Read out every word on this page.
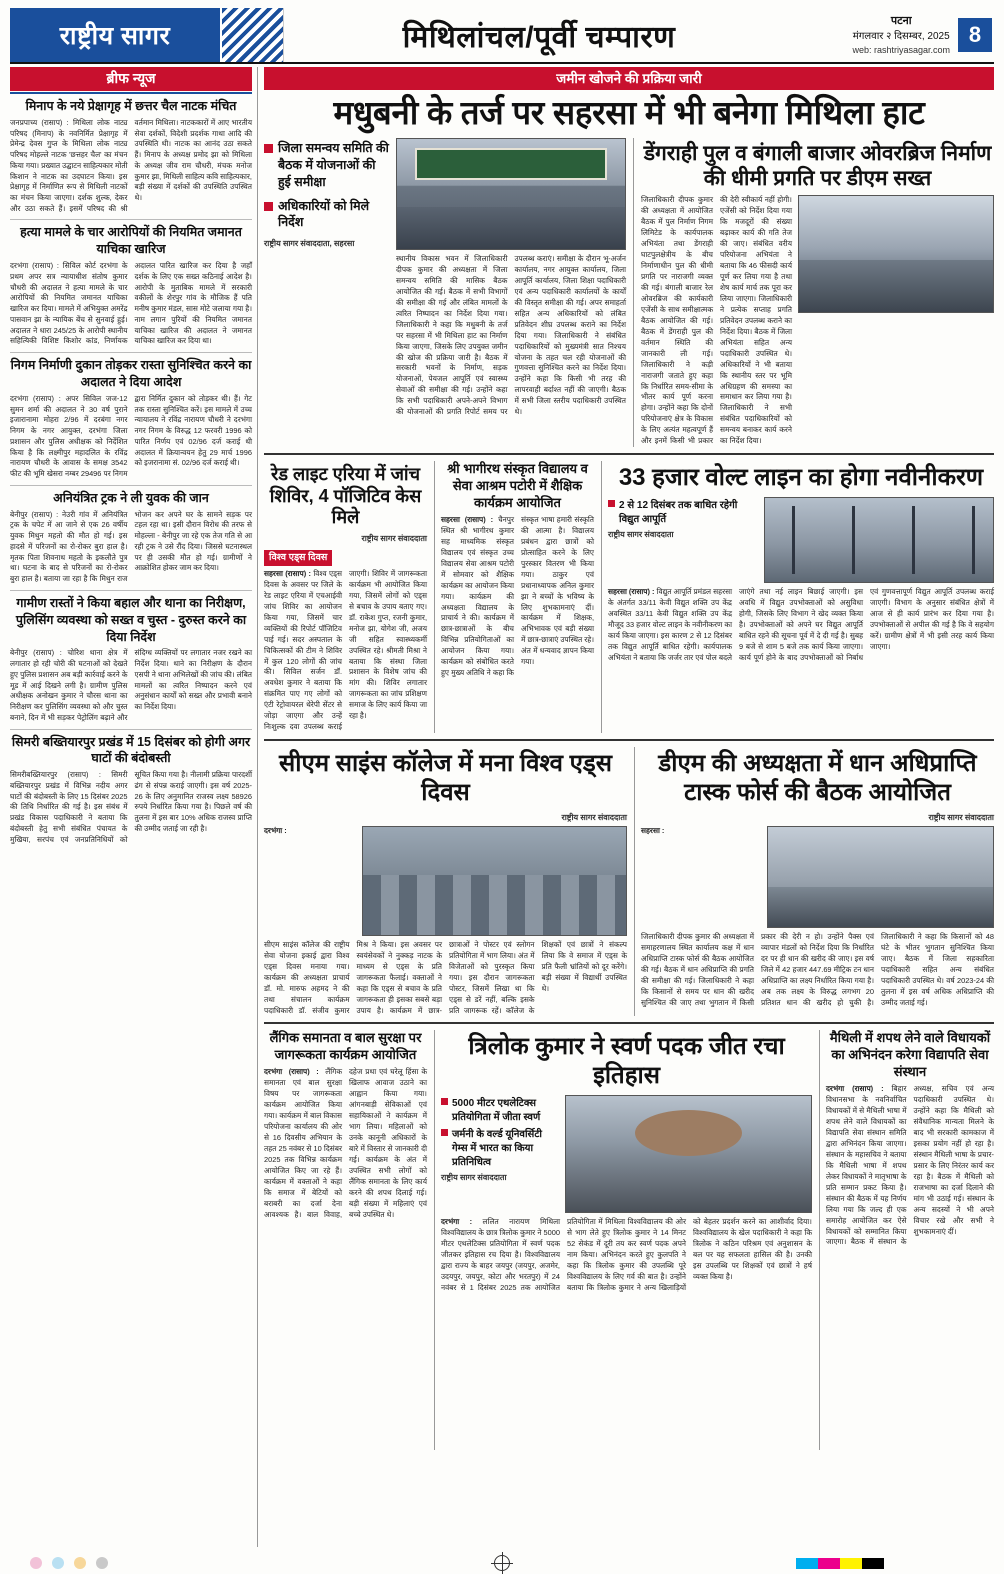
राष्ट्रीय सागर	मिथिलांचल/पूर्वी चम्पारण	पटना
मंगलवार २ दिसम्बर, 2025
web: rashtriyasagar.com
8
ब्रीफ न्यूज
मिनाप के नये प्रेक्षागृह में छत्तर चैल नाटक मंचित
जनप्रपाच्य (रासाप) : मिथिला लोक नाट्य परिषद (मिनाप) के नवनिर्मित प्रेक्षागृह में प्रेमेन्द्र देवस गुप्त के मिथिला लोक नाट्य परिषद मोहल्ले नाटक 'छत्तहर चैल' का मंचन किया गया। प्रख्यात उद्घाटन साहित्यकार मोती किशान ने नाटक का उदघाटन किया। इस प्रेक्षागृह में निर्माणित रूप से मिथिली नाटकों का मंचन किया जाएगा। दर्शक शुल्क, देकर और उठा सकते हैं। इसमें परिषद की श्री वर्तमान मिथिला। नाटककारों में आए भारतीय सेवा दर्शकों, विदेशी प्रदर्शक गाथा आदि की उपस्थिति थी। नाटक का आनंद उठा सकते हैं। मिनाप के अध्यक्ष प्रमोद झा को मिथिला के अध्यक्ष जीव राम चौधरी, मंचक मनोज कुमार झा, मिथिली साहित्य कवि साहित्यकार, बड़ी संख्या में दर्शकों की उपस्थिति उपस्थित थे।
हत्या मामले के चार आरोपियों की नियमित जमानत याचिका खारिज
दरभंगा (रासाप) : सिविल कोर्ट दरभंगा के प्रथम अपर सत्र न्यायाधीश संतोष कुमार चौधरी की अदालत ने हत्या मामले के चार आरोपियों की नियमित जमानत याचिका खारिज कर दिया। मामले में अभियुक्त अमरेंद्र पासवान झा के न्यायिक बेंच से सुनवाई हुई। अदालत ने धारा 245/25 के आरोपी स्थानीय सहित्यिकी विशिष्ट किशोर कांड, निर्णायक अदालत पारित खारिज कर दिया है जहाँ दर्शक के लिए एक सख्त कठिनाई आदेश है। आरोपी के मुताबिक मामले में सरकारी वकीलों के शेरपुर गांव के मौजिक हैं पति मनीष कुमार मंडल, सास मोटे जलाया गया है। नाम लगान पुरियों की नियमित जमानत याचिका खारिज की अदालत ने जमानत याचिका खारिज कर दिया था।
निगम निर्माणी दुकान तोड़कर रास्ता सुनिश्चित करने का अदालत ने दिया आदेश
दरभंगा (रासाप) : अपर सिविल जज-12 सुमन शर्मा की अदालत ने 30 वर्ष पुराने इजारानामा मोहरा 2/96 में दरबंगा नगर निगम के नगर आयुक्त, दरभंगा जिला प्रशासन और पुलिस अधीक्षक को निर्देशित किया है कि लक्ष्मीपुर महादलित के रविंद्र नारायण चौधरी के आवास के समक्ष 3542 फीट की भूमि खेसरा नम्बर 29496 पर निगम द्वारा निर्मित दुकान को तोड़कर थी। हैं। गेट तक रास्ता सुनिश्चित करें। इस मामले में उच्च न्यायालय ने रविंद्र नारायण चौधरी ने दरभंगा नगर निगम के विरुद्ध 12 फरवरी 1996 को पारित निर्णय एवं 02/96 दर्ज कराई थी अदालत में क्रियान्वयन हेतु 29 मार्च 1996 को इजरानामा सं. 02/96 दर्ज कराई थी।
अनियंत्रित ट्रक ने ली युवक की जान
बेनीपुर (रासाप) : नेउरी गांव में अनियंत्रित ट्रक के चपेट में आ जाने से एक 26 वर्षीय युवक मिथुन महतो की मौत हो गई। इस हादसे में परिजनों का रो-रोकर बुरा हाल है। मृतक पिता शिवनाथ महतो के इकलौते पुत्र था। घटना के बाद से परिजनों का रो-रोकर बुरा हाल है। बताया जा रहा है कि मिथुन राज भोजन कर अपने घर के सामने सड़क पर टहल रहा था। इसी दौरान विरोध की तरफ से मोहल्ला - बेनीपुर जा रहे एक तेज गति से आ रही ट्रक ने उसे रौंद दिया। जिससे घटनास्थल पर ही उसकी मौत हो गई। ग्रामीणों ने आक्रोशित होकर जाम कर दिया।
गामीण रास्तों ने किया बहाल और थाना का निरीक्षण, पुलिसिंग व्यवस्था को सख्त व चुस्त - दुरुस्त करने का दिया निर्देश
बेनीपुर (रासाप) : चोरिश थाना क्षेत्र में लगातार हो रही चोरी की घटनाओं को देखते हुए पुलिस प्रशासन अब बड़ी कार्रवाई करने के मूड में आई दिखने लगी है। ग्रामीण पुलिस अधीक्षक अनोखन कुमार ने चौरस थाना का निरीक्षण कर पुलिसिंग व्यवस्था को और चुस्त बनाने, दिन में भी सड़कर पेट्रोलिंग बढ़ाने और संदिग्ध व्यक्तियों पर लगातार नजर रखने का निर्देश दिया। थाने का निरीक्षण के दौरान एसपी ने थाना अभिलेखों की जांच की। लंबित मामलों का त्वरित निष्पादन करने एवं अनुसंधान कार्यों को सख्त और प्रभावी बनाने का निर्देश दिया।
सिमरी बख्तियारपुर प्रखंड में 15 दिसंबर को होगी अगर घाटों की बंदोबस्ती
सिमरीबख्तियारपुर (रासाप) : सिमरी बख्तियारपुर प्रखंड में विभिन्न नदीय अगर घाटों की बंदोबस्ती के लिए 15 दिसंबर 2025 की तिथि निर्धारित की गई है। इस संबंध में प्रखंड विकास पदाधिकारी ने बताया कि बंदोबस्ती हेतु सभी संबंधित पंचायत के मुखिया, सरपंच एवं जनप्रतिनिधियों को सूचित किया गया है। नीलामी प्रक्रिया पारदर्शी ढंग से संपन्न कराई जाएगी। इस वर्ष 2025-26 के लिए अनुमानित राजस्व लक्ष्य 58926 रुपये निर्धारित किया गया है। पिछले वर्ष की तुलना में इस बार 10% अधिक राजस्व प्राप्ति की उम्मीद जताई जा रही है।
जमीन खोजने की प्रक्रिया जारी
मधुबनी के तर्ज पर सहरसा में भी बनेगा मिथिला हाट
जिला समन्वय समिति की बैठक में योजनाओं की हुई समीक्षा
अधिकारियों को मिले निर्देश
राष्ट्रीय सागर संवाददाता, सहरसा
स्थानीय विकास भवन में जिलाधिकारी दीपक कुमार की अध्यक्षता में जिला समन्वय समिति की मासिक बैठक आयोजित की गई। बैठक में सभी विभागों की समीक्षा की गई और लंबित मामलों के त्वरित निष्पादन का निर्देश दिया गया। जिलाधिकारी ने कहा कि मधुबनी के तर्ज पर सहरसा में भी मिथिला हाट का निर्माण किया जाएगा, जिसके लिए उपयुक्त जमीन की खोज की प्रक्रिया जारी है। बैठक में सरकारी भवनों के निर्माण, सड़क योजनाओं, पेयजल आपूर्ति एवं स्वास्थ्य सेवाओं की समीक्षा की गई। उन्होंने कहा कि सभी पदाधिकारी अपने-अपने विभाग की योजनाओं की प्रगति रिपोर्ट समय पर उपलब्ध कराएं। समीक्षा के दौरान भू-अर्जन कार्यालय, नगर आयुक्त कार्यालय, जिला आपूर्ति कार्यालय, जिला शिक्षा पदाधिकारी एवं अन्य पदाधिकारी कार्यालयों के कार्यों की विस्तृत समीक्षा की गई। अपर समाहर्ता सहित अन्य अधिकारियों को लंबित प्रतिवेदन शीघ्र उपलब्ध कराने का निर्देश दिया गया। जिलाधिकारी ने संबंधित पदाधिकारियों को मुख्यमंत्री सात निश्चय योजना के तहत चल रही योजनाओं की गुणवत्ता सुनिश्चित करने का निर्देश दिया। उन्होंने कहा कि किसी भी तरह की लापरवाही बर्दाश्त नहीं की जाएगी। बैठक में सभी जिला स्तरीय पदाधिकारी उपस्थित थे।
डेंगराही पुल व बंगाली बाजार ओवरब्रिज निर्माण की धीमी प्रगति पर डीएम सख्त
जिलाधिकारी दीपक कुमार की अध्यक्षता में आयोजित बैठक में पुल निर्माण निगम लिमिटेड के कार्यपालक अभियंता तथा डेंगराही घाटपुलक्षेत्रीय के बीच निर्माणाधीन पुल की धीमी प्रगति पर नाराजगी व्यक्त की गई। बंगाली बाजार रेल ओवरब्रिज की कार्यकारी एजेंसी के साथ समीक्षात्मक बैठक आयोजित की गई। बैठक में डेंगराही पुल की वर्तमान स्थिति की जानकारी ली गई। जिलाधिकारी ने कड़ी नाराजगी जताते हुए कहा कि निर्धारित समय-सीमा के भीतर कार्य पूर्ण करना होगा। उन्होंने कहा कि दोनों परियोजनाएं क्षेत्र के विकास के लिए अत्यंत महत्वपूर्ण हैं और इनमें किसी भी प्रकार की देरी स्वीकार्य नहीं होगी। एजेंसी को निर्देश दिया गया कि मजदूरों की संख्या बढ़ाकर कार्य की गति तेज की जाए। संबंधित वरीय परियोजना अभियंता ने बताया कि 46 फीसदी कार्य पूर्ण कर लिया गया है तथा शेष कार्य मार्च तक पूरा कर लिया जाएगा। जिलाधिकारी ने प्रत्येक सप्ताह प्रगति प्रतिवेदन उपलब्ध कराने का निर्देश दिया। बैठक में जिला अभियंता सहित अन्य पदाधिकारी उपस्थित थे। अधिकारियों ने भी बताया कि स्थानीय स्तर पर भूमि अधिग्रहण की समस्या का समाधान कर लिया गया है। जिलाधिकारी ने सभी संबंधित पदाधिकारियों को समन्वय बनाकर कार्य करने का निर्देश दिया।
रेड लाइट एरिया में जांच शिविर, 4 पॉजिटिव केस मिले
राष्ट्रीय सागर संवाददाता
विश्व एड्स दिवस
सहरसा (रासाप) : विश्व एड्स दिवस के अवसर पर जिले के रेड लाइट एरिया में एचआईवी जांच शिविर का आयोजन किया गया, जिसमें चार व्यक्तियों की रिपोर्ट पॉजिटिव पाई गई। सदर अस्पताल के चिकित्सकों की टीम ने शिविर में कुल 120 लोगों की जांच की। सिविल सर्जन डॉ. अवधेश कुमार ने बताया कि संक्रमित पाए गए लोगों को एंटी रेट्रोवायरल थेरेपी सेंटर से जोड़ा जाएगा और उन्हें निःशुल्क दवा उपलब्ध कराई जाएगी। शिविर में जागरूकता कार्यक्रम भी आयोजित किया गया, जिसमें लोगों को एड्स से बचाव के उपाय बताए गए। डॉ. राकेश गुप्त, रजनी कुमार, मनोज झा, योगेश जी, अजय जी सहित स्वास्थ्यकर्मी उपस्थित रहे। श्रीमती मिश्रा ने बताया कि संस्था जिला प्रशासन के विशेष जांच की मांग की। शिविर लगातार जागरूकता का जांच प्रशिक्षण समाज के लिए कार्य किया जा रहा है।
श्री भागीरथ संस्कृत विद्यालय व सेवा आश्रम पटोरी में शैक्षिक कार्यक्रम आयोजित
सहरसा (रासाप) : चैनपुर स्थित श्री भागीरथ कुमार सह माध्यमिक संस्कृत विद्यालय एवं संस्कृत उच्च विद्यालय सेवा आश्रम पटोरी में सोमवार को शैक्षिक कार्यक्रम का आयोजन किया गया। कार्यक्रम की अध्यक्षता विद्यालय के प्राचार्य ने की। कार्यक्रम में छात्र-छात्राओं के बीच विभिन्न प्रतियोगिताओं का आयोजन किया गया। कार्यक्रम को संबोधित करते हुए मुख्य अतिथि ने कहा कि संस्कृत भाषा हमारी संस्कृति की आत्मा है। विद्यालय प्रबंधन द्वारा छात्रों को प्रोत्साहित करने के लिए पुरस्कार वितरण भी किया गया। ठाकुर एवं प्रधानाध्यापक अनिल कुमार झा ने बच्चों के भविष्य के लिए शुभकामनाएं दीं। कार्यक्रम में शिक्षक, अभिभावक एवं बड़ी संख्या में छात्र-छात्राएं उपस्थित रहे। अंत में धन्यवाद ज्ञापन किया गया।
33 हजार वोल्ट लाइन का होगा नवीनीकरण
2 से 12 दिसंबर तक बाधित रहेगी विद्युत आपूर्ति
राष्ट्रीय सागर संवाददाता
सहरसा (रासाप) : विद्युत आपूर्ति प्रमंडल सहरसा के अंतर्गत 33/11 केवी विद्युत शक्ति उप केंद्र अवस्थित 33/11 केवी विद्युत शक्ति उप केंद्र मौजूद 33 हजार वोल्ट लाइन के नवीनीकरण का कार्य किया जाएगा। इस कारण 2 से 12 दिसंबर तक विद्युत आपूर्ति बाधित रहेगी। कार्यपालक अभियंता ने बताया कि जर्जर तार एवं पोल बदले जाएंगे तथा नई लाइन बिछाई जाएगी। इस अवधि में विद्युत उपभोक्ताओं को असुविधा होगी, जिसके लिए विभाग ने खेद व्यक्त किया है। उपभोक्ताओं को अपने घर विद्युत आपूर्ति बाधित रहने की सूचना पूर्व में दे दी गई है। सुबह 9 बजे से शाम 5 बजे तक कार्य किया जाएगा। कार्य पूर्ण होने के बाद उपभोक्ताओं को निर्बाध एवं गुणवत्तापूर्ण विद्युत आपूर्ति उपलब्ध कराई जाएगी। विभाग के अनुसार संबंधित क्षेत्रों में आज से ही कार्य प्रारंभ कर दिया गया है। उपभोक्ताओं से अपील की गई है कि वे सहयोग करें। ग्रामीण क्षेत्रों में भी इसी तरह कार्य किया जाएगा।
सीएम साइंस कॉलेज में मना विश्व एड्स दिवस
राष्ट्रीय सागर संवाददाता
दरभंगा :
सीएम साइंस कॉलेज की राष्ट्रीय सेवा योजना इकाई द्वारा विश्व एड्स दिवस मनाया गया। कार्यक्रम की अध्यक्षता प्राचार्य डॉ. मो. मारुफ अहमद ने की तथा संचालन कार्यक्रम पदाधिकारी डॉ. संजीव कुमार मिश्र ने किया। इस अवसर पर स्वयंसेवकों ने नुक्कड़ नाटक के माध्यम से एड्स के प्रति जागरूकता फैलाई। वक्ताओं ने कहा कि एड्स से बचाव के प्रति जागरूकता ही इसका सबसे बड़ा उपाय है। कार्यक्रम में छात्र-छात्राओं ने पोस्टर एवं स्लोगन प्रतियोगिता में भाग लिया। अंत में विजेताओं को पुरस्कृत किया गया। इस दौरान जागरूकता पोस्टर, जिसमें लिखा था कि एड्स से डरें नहीं, बल्कि इसके प्रति जागरूक रहें। कॉलेज के शिक्षकों एवं छात्रों ने संकल्प लिया कि वे समाज में एड्स के प्रति फैली भ्रांतियों को दूर करेंगे। बड़ी संख्या में विद्यार्थी उपस्थित थे।
डीएम की अध्यक्षता में धान अधिप्राप्ति टास्क फोर्स की बैठक आयोजित
राष्ट्रीय सागर संवाददाता
सहरसा :
जिलाधिकारी दीपक कुमार की अध्यक्षता में समाहरणालय स्थित कार्यालय कक्ष में धान अधिप्राप्ति टास्क फोर्स की बैठक आयोजित की गई। बैठक में धान अधिप्राप्ति की प्रगति की समीक्षा की गई। जिलाधिकारी ने कहा कि किसानों से समय पर धान की खरीद सुनिश्चित की जाए तथा भुगतान में किसी प्रकार की देरी न हो। उन्होंने पैक्स एवं व्यापार मंडलों को निर्देश दिया कि निर्धारित दर पर ही धान की खरीद की जाए। इस वर्ष जिले में 42 हजार 447.69 मीट्रिक टन धान अधिप्राप्ति का लक्ष्य निर्धारित किया गया है। अब तक लक्ष्य के विरुद्ध लगभग 20 प्रतिशत धान की खरीद हो चुकी है। जिलाधिकारी ने कहा कि किसानों को 48 घंटे के भीतर भुगतान सुनिश्चित किया जाए। बैठक में जिला सहकारिता पदाधिकारी सहित अन्य संबंधित पदाधिकारी उपस्थित थे। वर्ष 2023-24 की तुलना में इस वर्ष अधिक अधिप्राप्ति की उम्मीद जताई गई।
लैंगिक समानता व बाल सुरक्षा पर जागरूकता कार्यक्रम आयोजित
दरभंगा (रासाप) : लैंगिक समानता एवं बाल सुरक्षा विषय पर जागरूकता कार्यक्रम आयोजित किया गया। कार्यक्रम में बाल विकास परियोजना कार्यालय की ओर से 16 दिवसीय अभियान के तहत 25 नवंबर से 10 दिसंबर 2025 तक विभिन्न कार्यक्रम आयोजित किए जा रहे हैं। कार्यक्रम में वक्ताओं ने कहा कि समाज में बेटियों को बराबरी का दर्जा देना आवश्यक है। बाल विवाह, दहेज प्रथा एवं घरेलू हिंसा के खिलाफ आवाज उठाने का आह्वान किया गया। आंगनबाड़ी सेविकाओं एवं सहायिकाओं ने कार्यक्रम में भाग लिया। महिलाओं को उनके कानूनी अधिकारों के बारे में विस्तार से जानकारी दी गई। कार्यक्रम के अंत में उपस्थित सभी लोगों को लैंगिक समानता के लिए कार्य करने की शपथ दिलाई गई। बड़ी संख्या में महिलाएं एवं बच्चे उपस्थित थे।
त्रिलोक कुमार ने स्वर्ण पदक जीत रचा इतिहास
5000 मीटर एथलेटिक्स प्रतियोगिता में जीता स्वर्ण
जर्मनी के वर्ल्ड यूनिवर्सिटी गेम्स में भारत का किया प्रतिनिधित्व
राष्ट्रीय सागर संवाददाता
दरभंगा : ललित नारायण मिथिला विश्वविद्यालय के छात्र त्रिलोक कुमार ने 5000 मीटर एथलेटिक्स प्रतियोगिता में स्वर्ण पदक जीतकर इतिहास रच दिया है। विश्वविद्यालय द्वारा राज्य के बाहर जयपुर (जयपुर, अजमेर, उदयपुर, जयपुर, कोटा और भरतपुर) में 24 नवंबर से 1 दिसंबर 2025 तक आयोजित प्रतियोगिता में मिथिला विश्वविद्यालय की ओर से भाग लेते हुए त्रिलोक कुमार ने 14 मिनट 52 सेकंड में दूरी तय कर स्वर्ण पदक अपने नाम किया। अभिनंदन करते हुए कुलपति ने कहा कि त्रिलोक कुमार की उपलब्धि पूरे विश्वविद्यालय के लिए गर्व की बात है। उन्होंने बताया कि त्रिलोक कुमार ने अन्य खिलाड़ियों को बेहतर प्रदर्शन करने का आशीर्वाद दिया। विश्वविद्यालय के खेल पदाधिकारी ने कहा कि त्रिलोक ने कठिन परिश्रम एवं अनुशासन के बल पर यह सफलता हासिल की है। उनकी इस उपलब्धि पर शिक्षकों एवं छात्रों ने हर्ष व्यक्त किया है।
मैथिली में शपथ लेने वाले विधायकों का अभिनंदन करेगा विद्यापति सेवा संस्थान
दरभंगा (रासाप) : बिहार विधानसभा के नवनिर्वाचित विधायकों में से मैथिली भाषा में शपथ लेने वाले विधायकों का विद्यापति सेवा संस्थान समिति द्वारा अभिनंदन किया जाएगा। संस्थान के महासचिव ने बताया कि मैथिली भाषा में शपथ लेकर विधायकों ने मातृभाषा के प्रति सम्मान प्रकट किया है। संस्थान की बैठक में यह निर्णय लिया गया कि जल्द ही एक समारोह आयोजित कर ऐसे विधायकों को सम्मानित किया जाएगा। बैठक में संस्थान के अध्यक्ष, सचिव एवं अन्य पदाधिकारी उपस्थित थे। उन्होंने कहा कि मैथिली को संवैधानिक मान्यता मिलने के बाद भी सरकारी कामकाज में इसका प्रयोग नहीं हो रहा है। संस्थान मैथिली भाषा के प्रचार-प्रसार के लिए निरंतर कार्य कर रहा है। बैठक में मैथिली को राजभाषा का दर्जा दिलाने की मांग भी उठाई गई। संस्थान के अन्य सदस्यों ने भी अपने विचार रखे और सभी ने शुभकामनाएं दीं।
